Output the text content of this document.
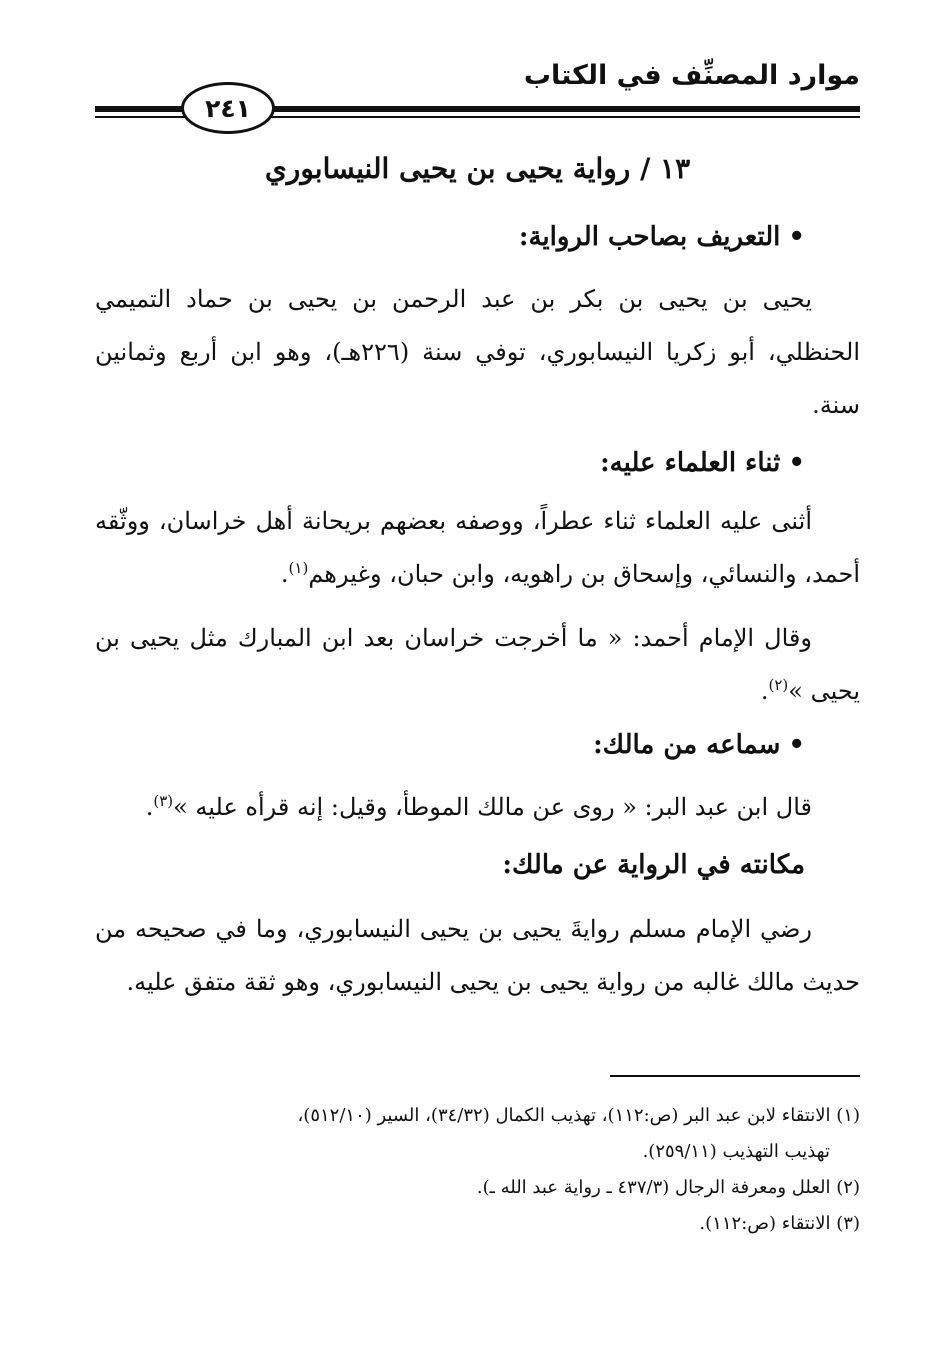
موارد المصنِّف في الكتاب
٢٤١
١٣ / رواية يحيى بن يحيى النيسابوري
•التعريف بصاحب الرواية:

يحيى بن يحيى بن بكر بن عبد الرحمن بن يحيى بن حماد التميمي الحنظلي، أبو زكريا النيسابوري، توفي سنة (٢٢٦هـ)، وهو ابن أربع وثمانين سنة.

•ثناء العلماء عليه:

أثنى عليه العلماء ثناء عطراً، ووصفه بعضهم بريحانة أهل خراسان، ووثّقه أحمد، والنسائي، وإسحاق بن راهويه، وابن حبان، وغيرهم$^{(١)}$.

وقال الإمام أحمد: « ما أخرجت خراسان بعد ابن المبارك مثل يحيى بن يحيى »$^{(٢)}$.

•سماعه من مالك:

قال ابن عبد البر: « روى عن مالك الموطأ، وقيل: إنه قرأه عليه »$^{(٣)}$.

مكانته في الرواية عن مالك:

رضي الإمام مسلم روايةَ يحيى بن يحيى النيسابوري، وما في صحيحه من حديث مالك غالبه من رواية يحيى بن يحيى النيسابوري، وهو ثقة متفق عليه.

(١) الانتقاء لابن عبد البر (ص:١١٢)، تهذيب الكمال (٣٤/٣٢)، السير (٥١٢/١٠)،
تهذيب التهذيب (٢٥٩/١١).
(٢) العلل ومعرفة الرجال (٤٣٧/٣ ـ رواية عبد الله ـ).
(٣) الانتقاء (ص:١١٢).
